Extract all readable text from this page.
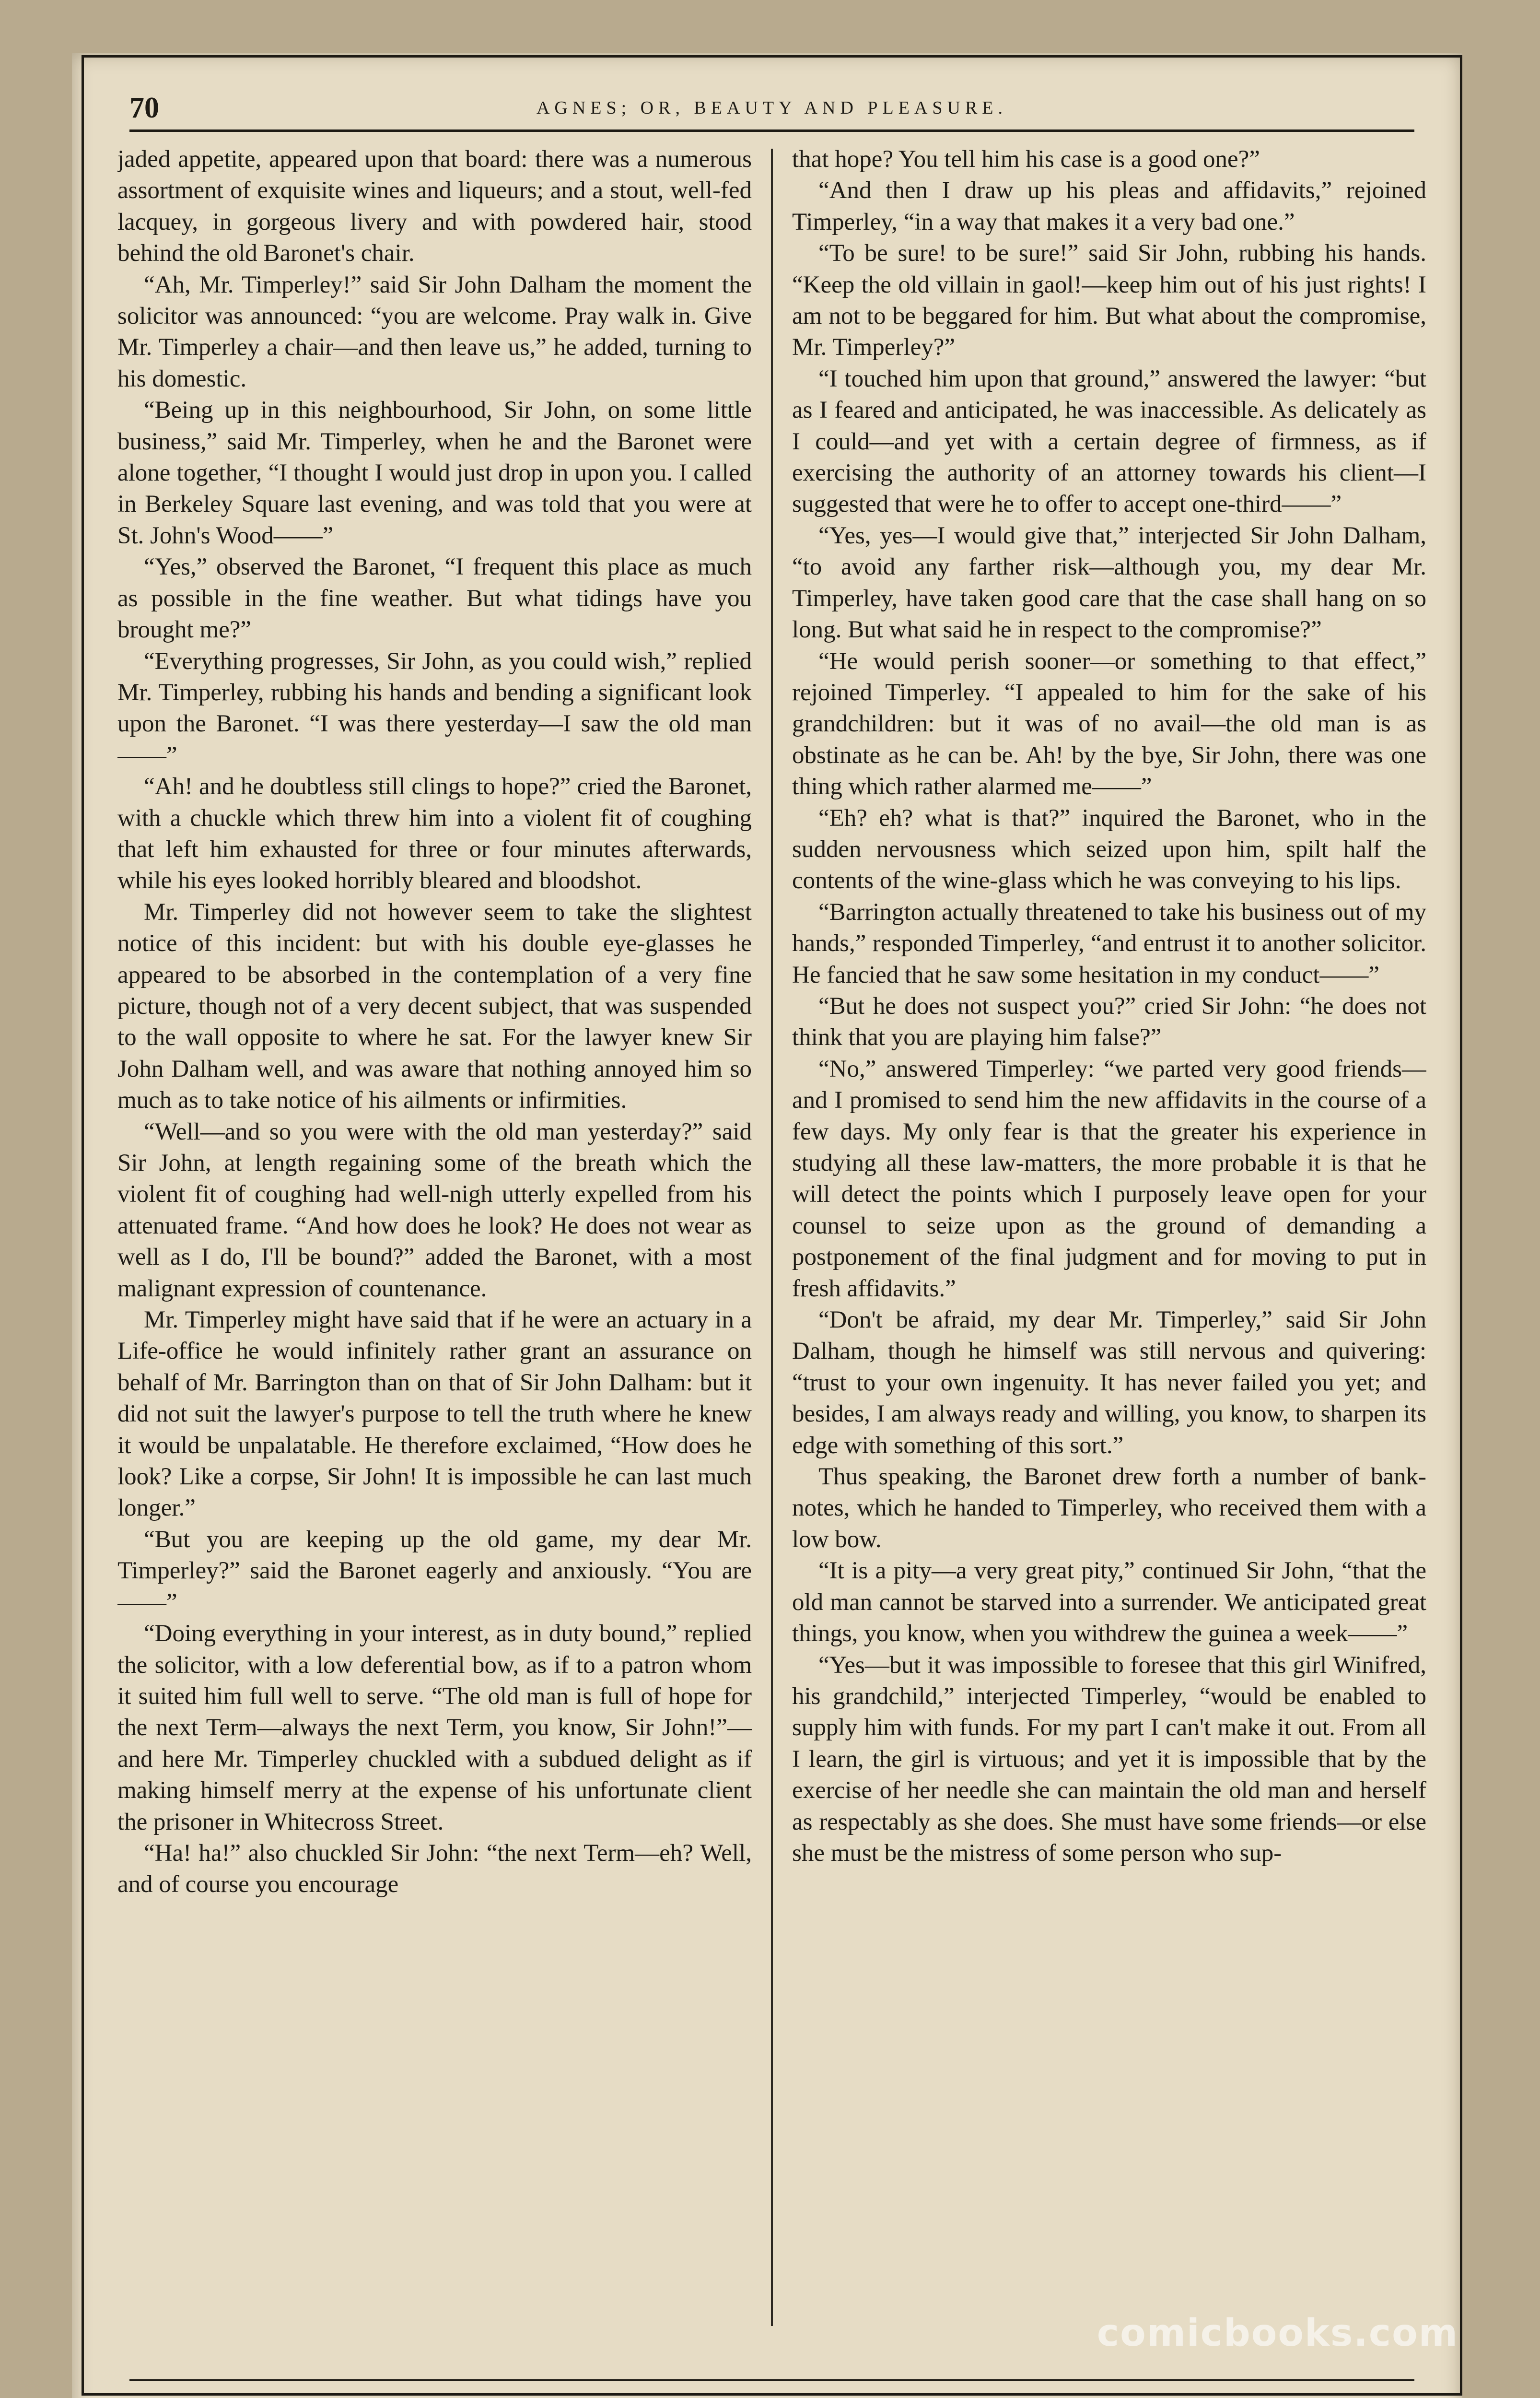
70	AGNES; OR, BEAUTY AND PLEASURE.

jaded appetite, appeared upon that board: there was a numerous assortment of exquisite wines and liqueurs; and a stout, well-fed lacquey, in gorgeous livery and with powdered hair, stood behind the old Baronet's chair.

“Ah, Mr. Timperley!” said Sir John Dalham the moment the solicitor was announced: “you are welcome. Pray walk in. Give Mr. Timperley a chair—and then leave us,” he added, turning to his domestic.

“Being up in this neighbourhood, Sir John, on some little business,” said Mr. Timperley, when he and the Baronet were alone together, “I thought I would just drop in upon you. I called in Berkeley Square last evening, and was told that you were at St. John's Wood——”

“Yes,” observed the Baronet, “I frequent this place as much as possible in the fine weather. But what tidings have you brought me?”

“Everything progresses, Sir John, as you could wish,” replied Mr. Timperley, rubbing his hands and bending a significant look upon the Baronet. “I was there yesterday—I saw the old man——”

“Ah! and he doubtless still clings to hope?” cried the Baronet, with a chuckle which threw him into a violent fit of coughing that left him exhausted for three or four minutes afterwards, while his eyes looked horribly bleared and bloodshot.

Mr. Timperley did not however seem to take the slightest notice of this incident: but with his double eye-glasses he appeared to be absorbed in the contemplation of a very fine picture, though not of a very decent subject, that was suspended to the wall opposite to where he sat. For the lawyer knew Sir John Dalham well, and was aware that nothing annoyed him so much as to take notice of his ailments or infirmities.

“Well—and so you were with the old man yesterday?” said Sir John, at length regaining some of the breath which the violent fit of coughing had well-nigh utterly expelled from his attenuated frame. “And how does he look? He does not wear as well as I do, I'll be bound?” added the Baronet, with a most malignant expression of countenance.

Mr. Timperley might have said that if he were an actuary in a Life-office he would infinitely rather grant an assurance on behalf of Mr. Barrington than on that of Sir John Dalham: but it did not suit the lawyer's purpose to tell the truth where he knew it would be unpalatable. He therefore exclaimed, “How does he look? Like a corpse, Sir John! It is impossible he can last much longer.”

“But you are keeping up the old game, my dear Mr. Timperley?” said the Baronet eagerly and anxiously. “You are——”

“Doing everything in your interest, as in duty bound,” replied the solicitor, with a low deferential bow, as if to a patron whom it suited him full well to serve. “The old man is full of hope for the next Term—always the next Term, you know, Sir John!”—and here Mr. Timperley chuckled with a subdued delight as if making himself merry at the expense of his unfortunate client the prisoner in Whitecross Street.

“Ha! ha!” also chuckled Sir John: “the next Term—eh? Well, and of course you encourage

that hope? You tell him his case is a good one?”

“And then I draw up his pleas and affidavits,” rejoined Timperley, “in a way that makes it a very bad one.”

“To be sure! to be sure!” said Sir John, rubbing his hands. “Keep the old villain in gaol!—keep him out of his just rights! I am not to be beggared for him. But what about the compromise, Mr. Timperley?”

“I touched him upon that ground,” answered the lawyer: “but as I feared and anticipated, he was inaccessible. As delicately as I could—and yet with a certain degree of firmness, as if exercising the authority of an attorney towards his client—I suggested that were he to offer to accept one-third——”

“Yes, yes—I would give that,” interjected Sir John Dalham, “to avoid any farther risk—although you, my dear Mr. Timperley, have taken good care that the case shall hang on so long. But what said he in respect to the compromise?”

“He would perish sooner—or something to that effect,” rejoined Timperley. “I appealed to him for the sake of his grandchildren: but it was of no avail—the old man is as obstinate as he can be. Ah! by the bye, Sir John, there was one thing which rather alarmed me——”

“Eh? eh? what is that?” inquired the Baronet, who in the sudden nervousness which seized upon him, spilt half the contents of the wine-glass which he was conveying to his lips.

“Barrington actually threatened to take his business out of my hands,” responded Timperley, “and entrust it to another solicitor. He fancied that he saw some hesitation in my conduct——”

“But he does not suspect you?” cried Sir John: “he does not think that you are playing him false?”

“No,” answered Timperley: “we parted very good friends—and I promised to send him the new affidavits in the course of a few days. My only fear is that the greater his experience in studying all these law-matters, the more probable it is that he will detect the points which I purposely leave open for your counsel to seize upon as the ground of demanding a postponement of the final judgment and for moving to put in fresh affidavits.”

“Don't be afraid, my dear Mr. Timperley,” said Sir John Dalham, though he himself was still nervous and quivering: “trust to your own ingenuity. It has never failed you yet; and besides, I am always ready and willing, you know, to sharpen its edge with something of this sort.”

Thus speaking, the Baronet drew forth a number of bank-notes, which he handed to Timperley, who received them with a low bow.

“It is a pity—a very great pity,” continued Sir John, “that the old man cannot be starved into a surrender. We anticipated great things, you know, when you withdrew the guinea a week——”

“Yes—but it was impossible to foresee that this girl Winifred, his grandchild,” interjected Timperley, “would be enabled to supply him with funds. For my part I can't make it out. From all I learn, the girl is virtuous; and yet it is impossible that by the exercise of her needle she can maintain the old man and herself as respectably as she does. She must have some friends—or else she must be the mistress of some person who sup-

comicbooks.com
